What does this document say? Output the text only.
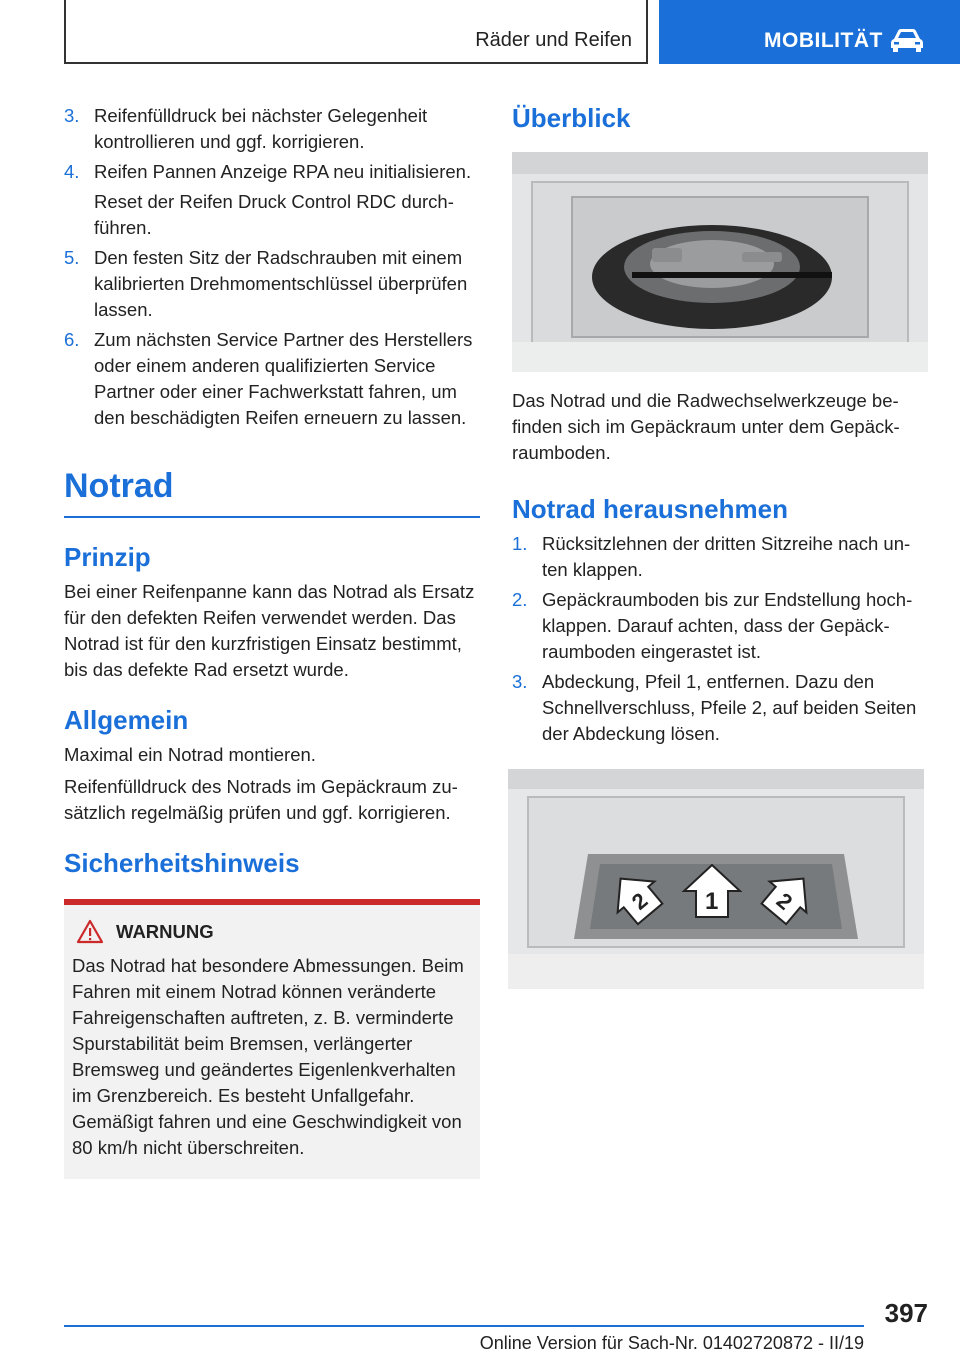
Räder und Reifen	MOBILITÄT
3. Reifenfülldruck bei nächster Gelegenheit kontrollieren und ggf. korrigieren.
4. Reifen Pannen Anzeige RPA neu initialisieren.
Reset der Reifen Druck Control RDC durchführen.
5. Den festen Sitz der Radschrauben mit einem kalibrierten Drehmomentschlüssel überprüfen lassen.
6. Zum nächsten Service Partner des Herstellers oder einem anderen qualifizierten Service Partner oder einer Fachwerkstatt fahren, um den beschädigten Reifen erneuern zu lassen.
Notrad
Prinzip

Bei einer Reifenpanne kann das Notrad als Ersatz für den defekten Reifen verwendet werden. Das Notrad ist für den kurzfristigen Einsatz bestimmt, bis das defekte Rad ersetzt wurde.

Allgemein

Maximal ein Notrad montieren.

Reifenfülldruck des Notrads im Gepäckraum zusätzlich regelmäßig prüfen und ggf. korrigieren.

Sicherheitshinweis
WARNUNG
Das Notrad hat besondere Abmessungen. Beim Fahren mit einem Notrad können veränderte Fahreigenschaften auftreten, z. B. verminderte Spurstabilität beim Bremsen, verlängerter Bremsweg und geändertes Eigenlenkverhalten im Grenzbereich. Es besteht Unfallgefahr. Gemäßigt fahren und eine Geschwindigkeit von 80 km/h nicht überschreiten.
Überblick

Das Notrad und die Radwechselwerkzeuge befinden sich im Gepäckraum unter dem Gepäckraumboden.

Notrad herausnehmen
1. Rücksitzlehnen der dritten Sitzreihe nach unten klappen.
2. Gepäckraumboden bis zur Endstellung hochklappen. Darauf achten, dass der Gepäckraumboden eingerastet ist.
3. Abdeckung, Pfeil 1, entfernen. Dazu den Schnellverschluss, Pfeile 2, auf beiden Seiten der Abdeckung lösen.
2 1 2
397
Online Version für Sach-Nr. 01402720872 - II/19
